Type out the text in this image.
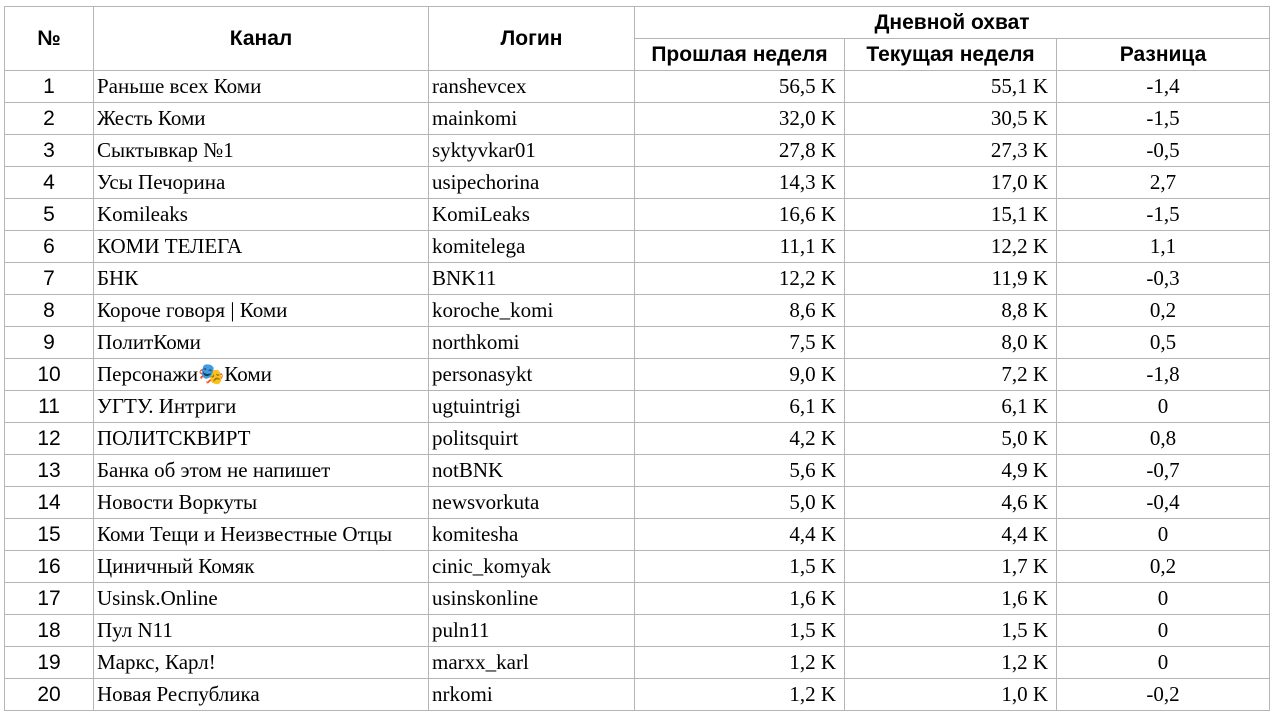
№	Канал	Логин	Дневной охват		
			Прошлая неделя	Текущая неделя	Разница
1	Раньше всех Коми	ranshevcex	56,5 K	55,1 K	-1,4
2	Жесть Коми	mainkomi	32,0 K	30,5 K	-1,5
3	Сыктывкар №1	syktyvkar01	27,8 K	27,3 K	-0,5
4	Усы Печорина	usipechorina	14,3 K	17,0 K	2,7
5	Komileaks	KomiLeaks	16,6 K	15,1 K	-1,5
6	КОМИ ТЕЛЕГА	komitelega	11,1 K	12,2 K	1,1
7	БНК	BNK11	12,2 K	11,9 K	-0,3
8	Короче говоря | Коми	koroche_komi	8,6 K	8,8 K	0,2
9	ПолитКоми	northkomi	7,5 K	8,0 K	0,5
10	Персонажи🎭Коми	personasykt	9,0 K	7,2 K	-1,8
11	УГТУ. Интриги	ugtuintrigi	6,1 K	6,1 K	0
12	ПОЛИТСКВИРТ	politsquirt	4,2 K	5,0 K	0,8
13	Банка об этом не напишет	notBNK	5,6 K	4,9 K	-0,7
14	Новости Воркуты	newsvorkuta	5,0 K	4,6 K	-0,4
15	Коми Тещи и Неизвестные Отцы	komitesha	4,4 K	4,4 K	0
16	Циничный Комяк	cinic_komyak	1,5 K	1,7 K	0,2
17	Usinsk.Online	usinskonline	1,6 K	1,6 K	0
18	Пул N11	puln11	1,5 K	1,5 K	0
19	Маркс, Карл!	marxx_karl	1,2 K	1,2 K	0
20	Новая Республика	nrkomi	1,2 K	1,0 K	-0,2
